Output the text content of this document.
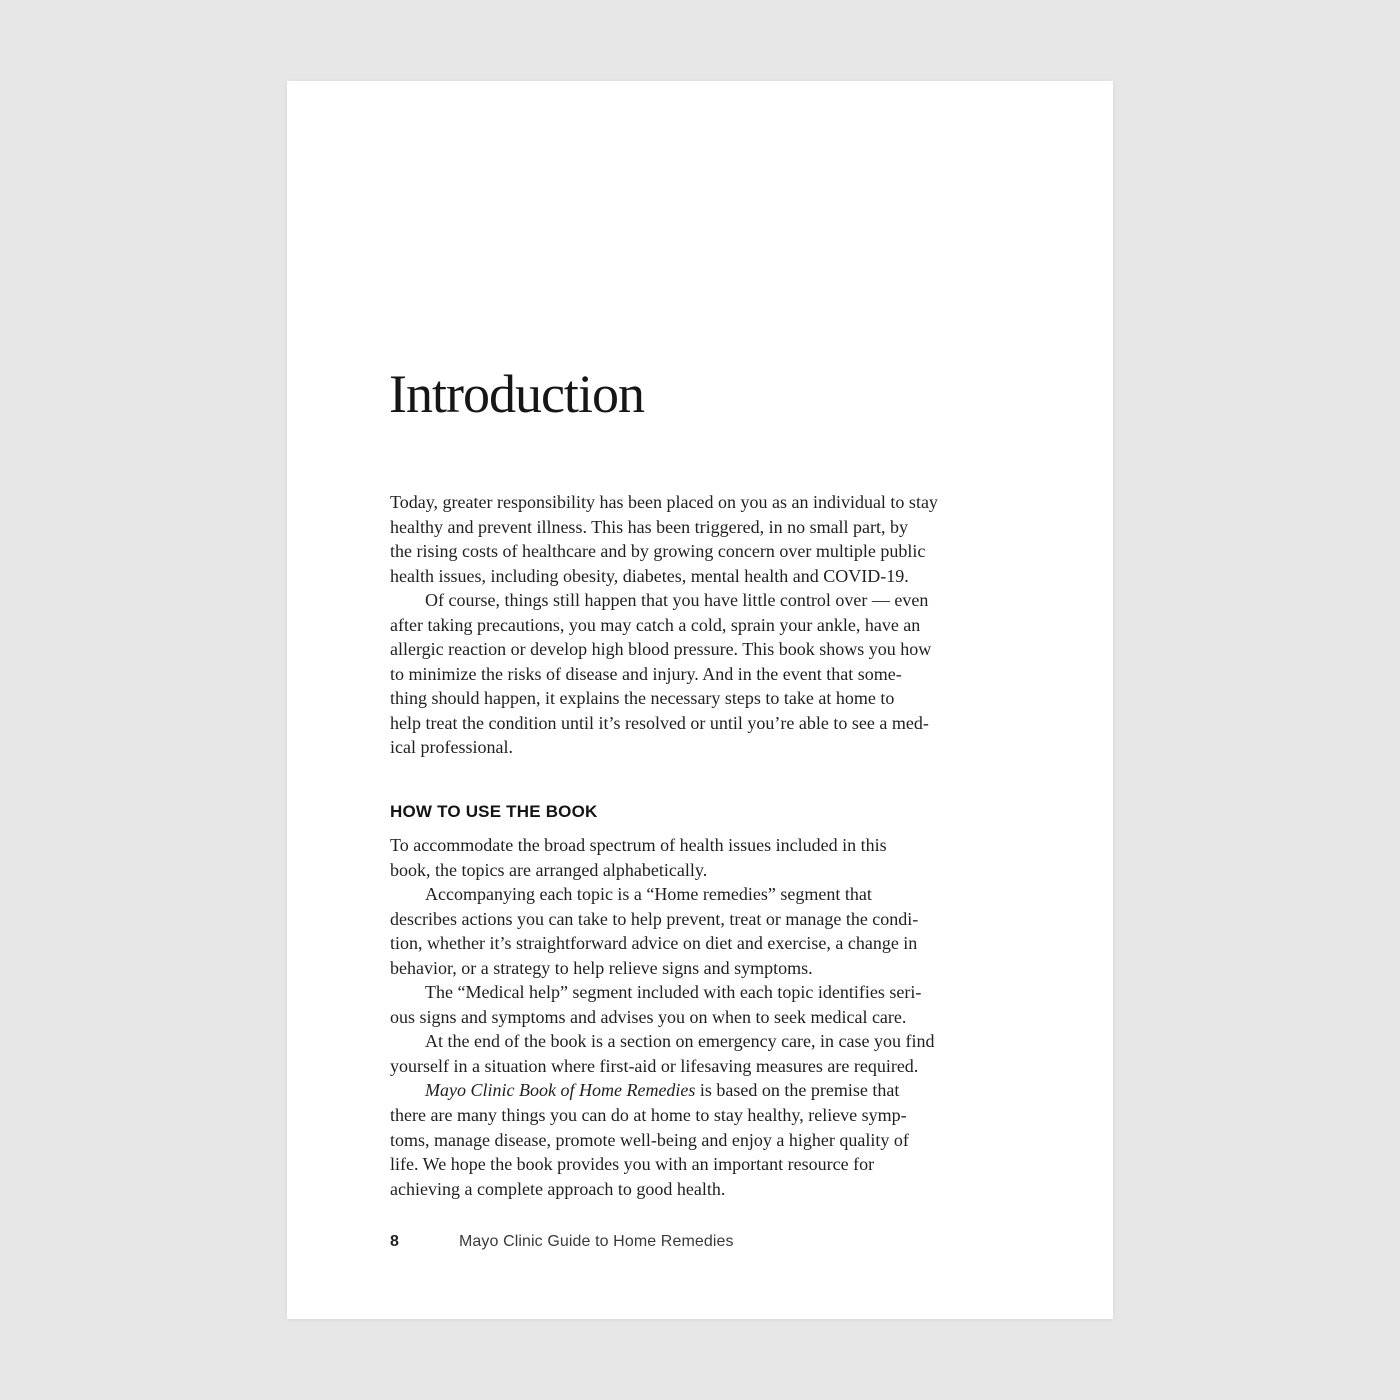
Introduction
Today, greater responsibility has been placed on you as an individual to stay
healthy and prevent illness. This has been triggered, in no small part, by
the rising costs of healthcare and by growing concern over multiple public
health issues, including obesity, diabetes, mental health and COVID-19.
Of course, things still happen that you have little control over — even
after taking precautions, you may catch a cold, sprain your ankle, have an
allergic reaction or develop high blood pressure. This book shows you how
to minimize the risks of disease and injury. And in the event that some-
thing should happen, it explains the necessary steps to take at home to
help treat the condition until it’s resolved or until you’re able to see a med-
ical professional.
HOW TO USE THE BOOK
To accommodate the broad spectrum of health issues included in this
book, the topics are arranged alphabetically.
Accompanying each topic is a “Home remedies” segment that
describes actions you can take to help prevent, treat or manage the condi-
tion, whether it’s straightforward advice on diet and exercise, a change in
behavior, or a strategy to help relieve signs and symptoms.
The “Medical help” segment included with each topic identifies seri-
ous signs and symptoms and advises you on when to seek medical care.
At the end of the book is a section on emergency care, in case you find
yourself in a situation where first-aid or lifesaving measures are required.
Mayo Clinic Book of Home Remedies is based on the premise that
there are many things you can do at home to stay healthy, relieve symp-
toms, manage disease, promote well-being and enjoy a higher quality of
life. We hope the book provides you with an important resource for
achieving a complete approach to good health.
8	Mayo Clinic Guide to Home Remedies
